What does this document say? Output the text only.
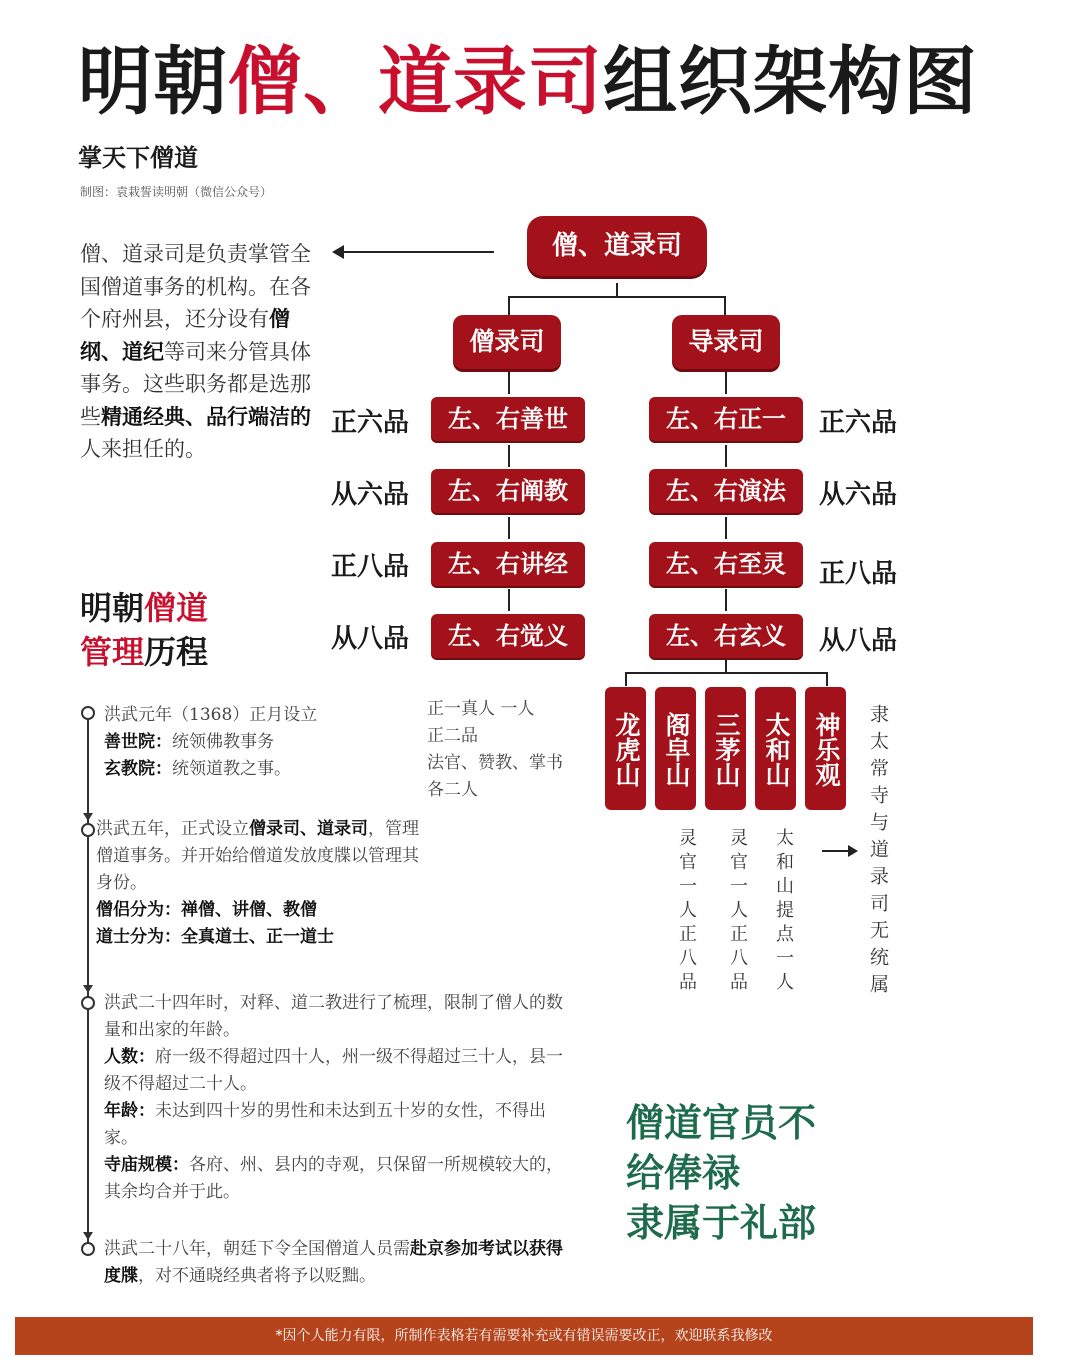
明朝僧、道录司组织架构图
掌天下僧道
制图：袁栽誓读明朝（微信公众号）
僧、道录司是负责掌管全国僧道事务的机构。在各个府州县，还分设有僧纲、道纪等司来分管具体事务。这些职务都是选那些精通经典、品行端洁的人来担任的。
僧、道录司
僧录司	导录司
左、右善世
左、右阐教
左、右讲经
左、右觉义
左、右正一
左、右演法
左、右至灵
左、右玄义
正六品
从六品
正八品
从八品
正六品
从六品
正八品
从八品
正一真人 一人
正二品
法官、赞教、掌书
各二人
龙虎山 阁皁山 三茅山 太和山 神乐观
灵官一人正八品 灵官一人正八品 太和山提点一人	隶太常寺与道录司无统属
明朝僧道
管理历程
洪武元年（1368）正月设立
善世院：统领佛教事务
玄教院：统领道教之事。
洪武五年，正式设立僧录司、道录司，管理僧道事务。并开始给僧道发放度牒以管理其身份。
僧侣分为：禅僧、讲僧、教僧
道士分为：全真道士、正一道士
洪武二十四年时，对释、道二教进行了梳理，限制了僧人的数量和出家的年龄。
人数：府一级不得超过四十人，州一级不得超过三十人，县一级不得超过二十人。
年龄：未达到四十岁的男性和未达到五十岁的女性，不得出家。
寺庙规模：各府、州、县内的寺观，只保留一所规模较大的，其余均合并于此。
洪武二十八年，朝廷下令全国僧道人员需赴京参加考试以获得度牒，对不通晓经典者将予以贬黜。
僧道官员不
给俸禄
隶属于礼部
*因个人能力有限，所制作表格若有需要补充或有错误需要改正，欢迎联系我修改
